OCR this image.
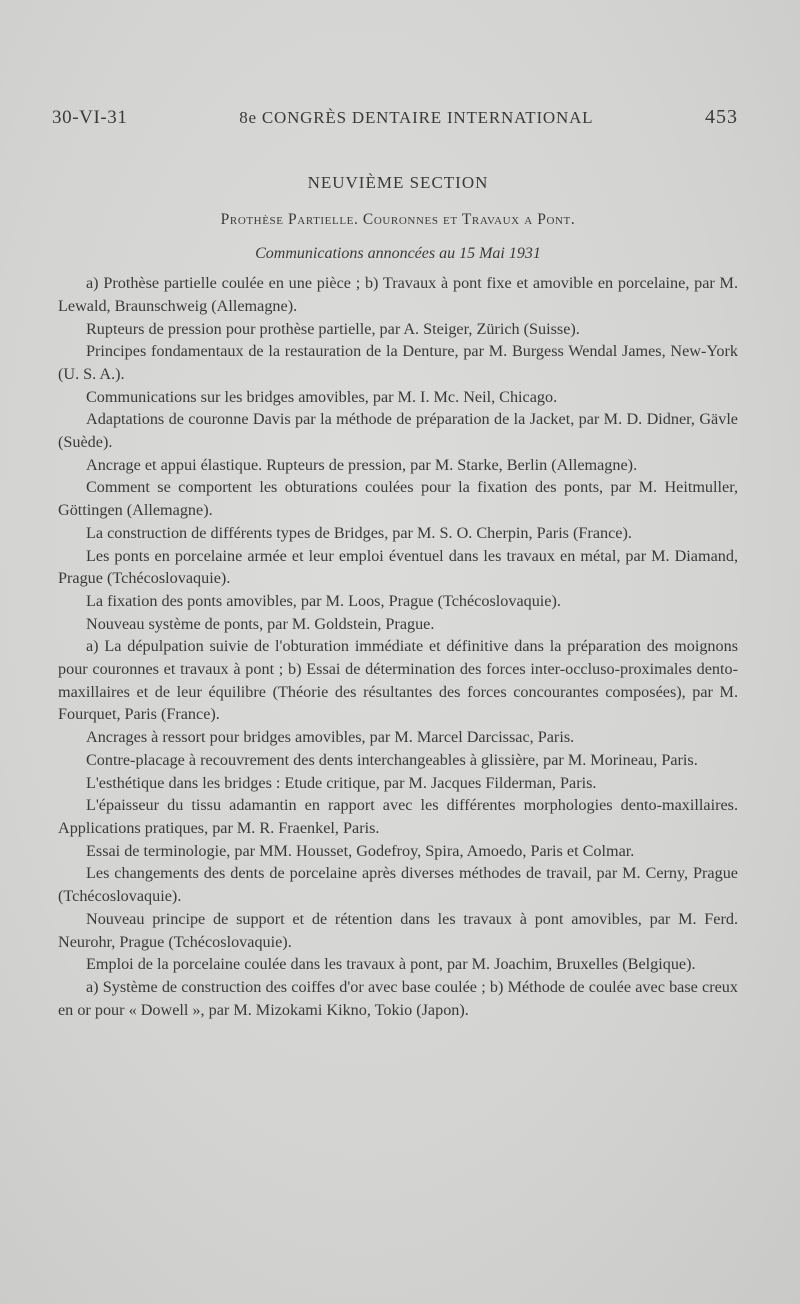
30-VI-31	8e CONGRÈS DENTAIRE INTERNATIONAL	453

NEUVIÈME SECTION

Prothèse Partielle. Couronnes et Travaux a Pont.

Communications annoncées au 15 Mai 1931

a) Prothèse partielle coulée en une pièce ; b) Travaux à pont fixe et amovible en porcelaine, par M. Lewald, Braunschweig (Allemagne).

Rupteurs de pression pour prothèse partielle, par A. Steiger, Zürich (Suisse).

Principes fondamentaux de la restauration de la Denture, par M. Burgess Wendal James, New-York (U. S. A.).

Communications sur les bridges amovibles, par M. I. Mc. Neil, Chicago.

Adaptations de couronne Davis par la méthode de préparation de la Jacket, par M. D. Didner, Gävle (Suède).

Ancrage et appui élastique. Rupteurs de pression, par M. Starke, Berlin (Allemagne).

Comment se comportent les obturations coulées pour la fixation des ponts, par M. Heitmuller, Göttingen (Allemagne).

La construction de différents types de Bridges, par M. S. O. Cherpin, Paris (France).

Les ponts en porcelaine armée et leur emploi éventuel dans les travaux en métal, par M. Diamand, Prague (Tchécoslovaquie).

La fixation des ponts amovibles, par M. Loos, Prague (Tchécoslovaquie).

Nouveau système de ponts, par M. Goldstein, Prague.

a) La dépulpation suivie de l'obturation immédiate et définitive dans la préparation des moignons pour couronnes et travaux à pont ; b) Essai de détermination des forces inter-occluso-proximales dento-maxillaires et de leur équilibre (Théorie des résultantes des forces concourantes composées), par M. Fourquet, Paris (France).

Ancrages à ressort pour bridges amovibles, par M. Marcel Darcissac, Paris.

Contre-placage à recouvrement des dents interchangeables à glissière, par M. Morineau, Paris.

L'esthétique dans les bridges : Etude critique, par M. Jacques Filderman, Paris.

L'épaisseur du tissu adamantin en rapport avec les différentes morphologies dento-maxillaires. Applications pratiques, par M. R. Fraenkel, Paris.

Essai de terminologie, par MM. Housset, Godefroy, Spira, Amoedo, Paris et Colmar.

Les changements des dents de porcelaine après diverses méthodes de travail, par M. Cerny, Prague (Tchécoslovaquie).

Nouveau principe de support et de rétention dans les travaux à pont amovibles, par M. Ferd. Neurohr, Prague (Tchécoslovaquie).

Emploi de la porcelaine coulée dans les travaux à pont, par M. Joachim, Bruxelles (Belgique).

a) Système de construction des coiffes d'or avec base coulée ; b) Méthode de coulée avec base creux en or pour « Dowell », par M. Mizokami Kikno, Tokio (Japon).
